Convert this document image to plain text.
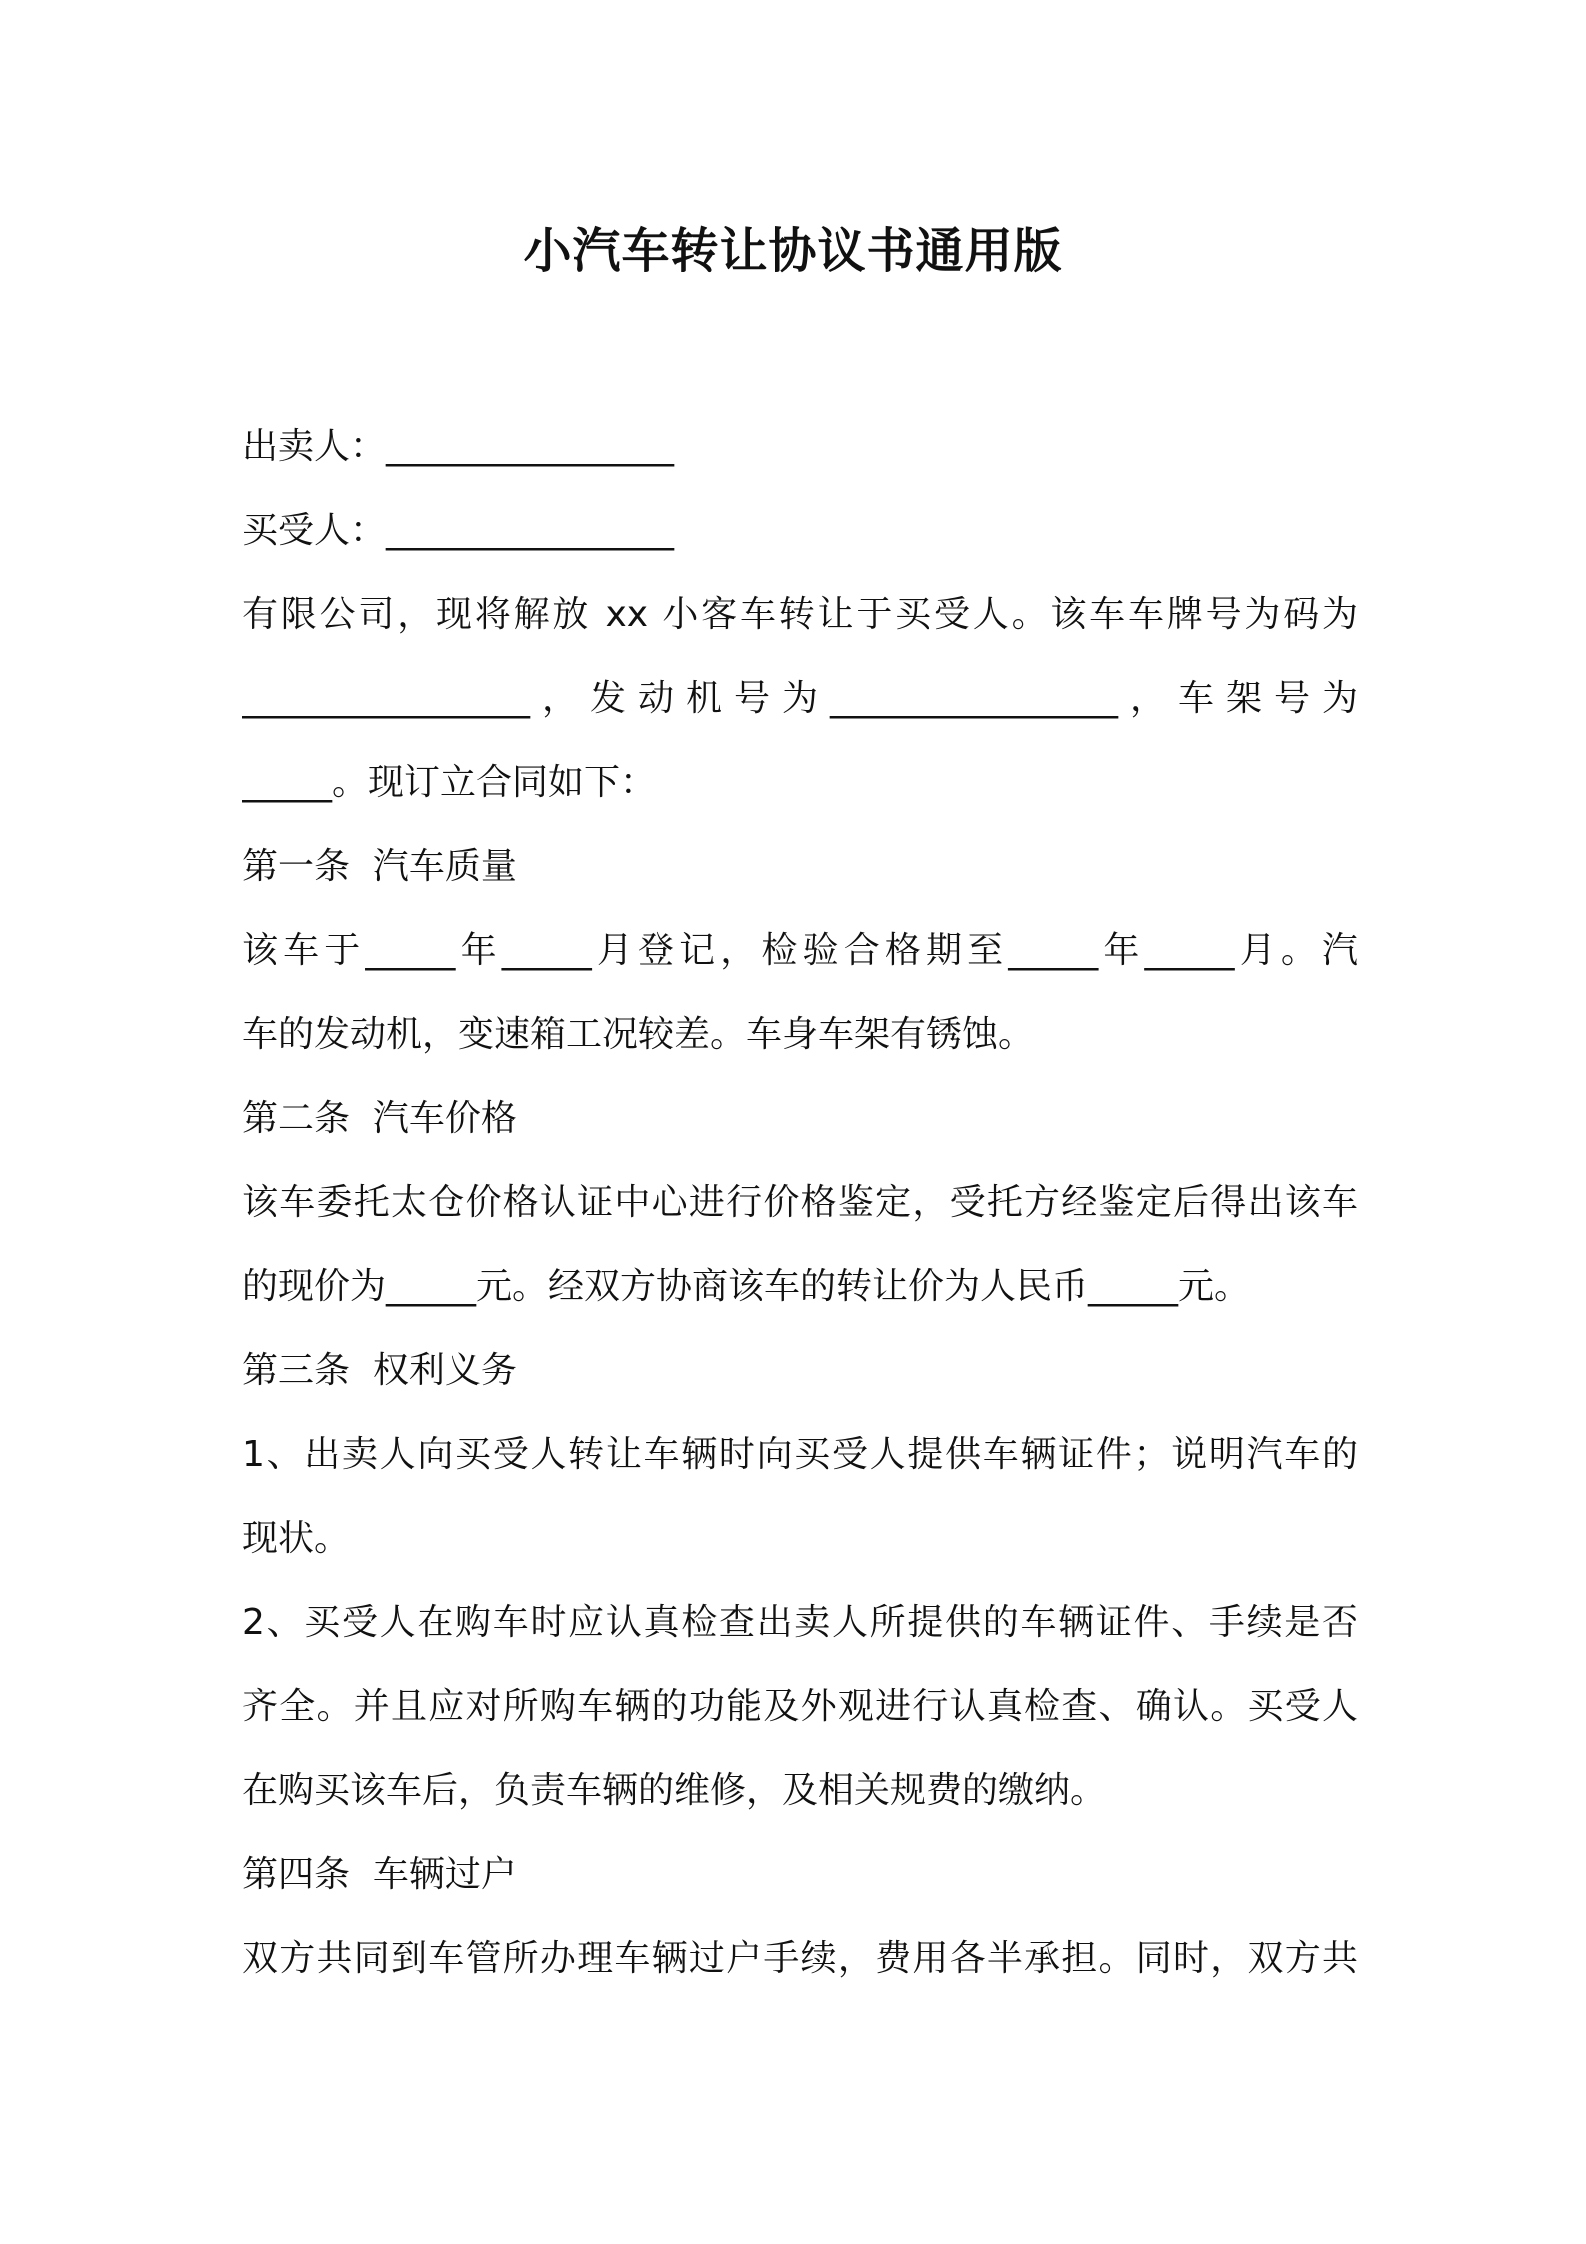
小汽车转让协议书通用版
出卖人：________________
买受人：________________
有​限​公​司​，​现​将​解​放​ ​x​x​ ​小​客​车​转​让​于​买​受​人​。​该​车​车​牌​号​为​码​为
_​_​_​_​_​_​_​_​_​_​_​_​_​_​_​_​，​发​动​机​号​为​_​_​_​_​_​_​_​_​_​_​_​_​_​_​_​_​，​车​架​号​为
_____。现订立合同如下：
第一条  汽车质量
该​车​于​_​_​_​_​_​年​_​_​_​_​_​月​登​记​，​检​验​合​格​期​至​_​_​_​_​_​年​_​_​_​_​_​月​。​汽
车的发动机，变速箱工况较差。车身车架有锈蚀。
第二条  汽车价格
该​车​委​托​太​仓​价​格​认​证​中​心​进​行​价​格​鉴​定​，​受​托​方​经​鉴​定​后​得​出​该​车
的现价为_____元。经双方协商该车的转让价为人民币_____元。
第三条  权利义务
1​、​出​卖​人​向​买​受​人​转​让​车​辆​时​向​买​受​人​提​供​车​辆​证​件​；​说​明​汽​车​的
现状。
2​、​买​受​人​在​购​车​时​应​认​真​检​查​出​卖​人​所​提​供​的​车​辆​证​件​、​手​续​是​否
齐​全​。​并​且​应​对​所​购​车​辆​的​功​能​及​外​观​进​行​认​真​检​查​、​确​认​。​买​受​人
在购买该车后，负责车辆的维修，及相关规费的缴纳。
第四条  车辆过户
双​方​共​同​到​车​管​所​办​理​车​辆​过​户​手​续​，​费​用​各​半​承​担​。​同​时​，​双​方​共
